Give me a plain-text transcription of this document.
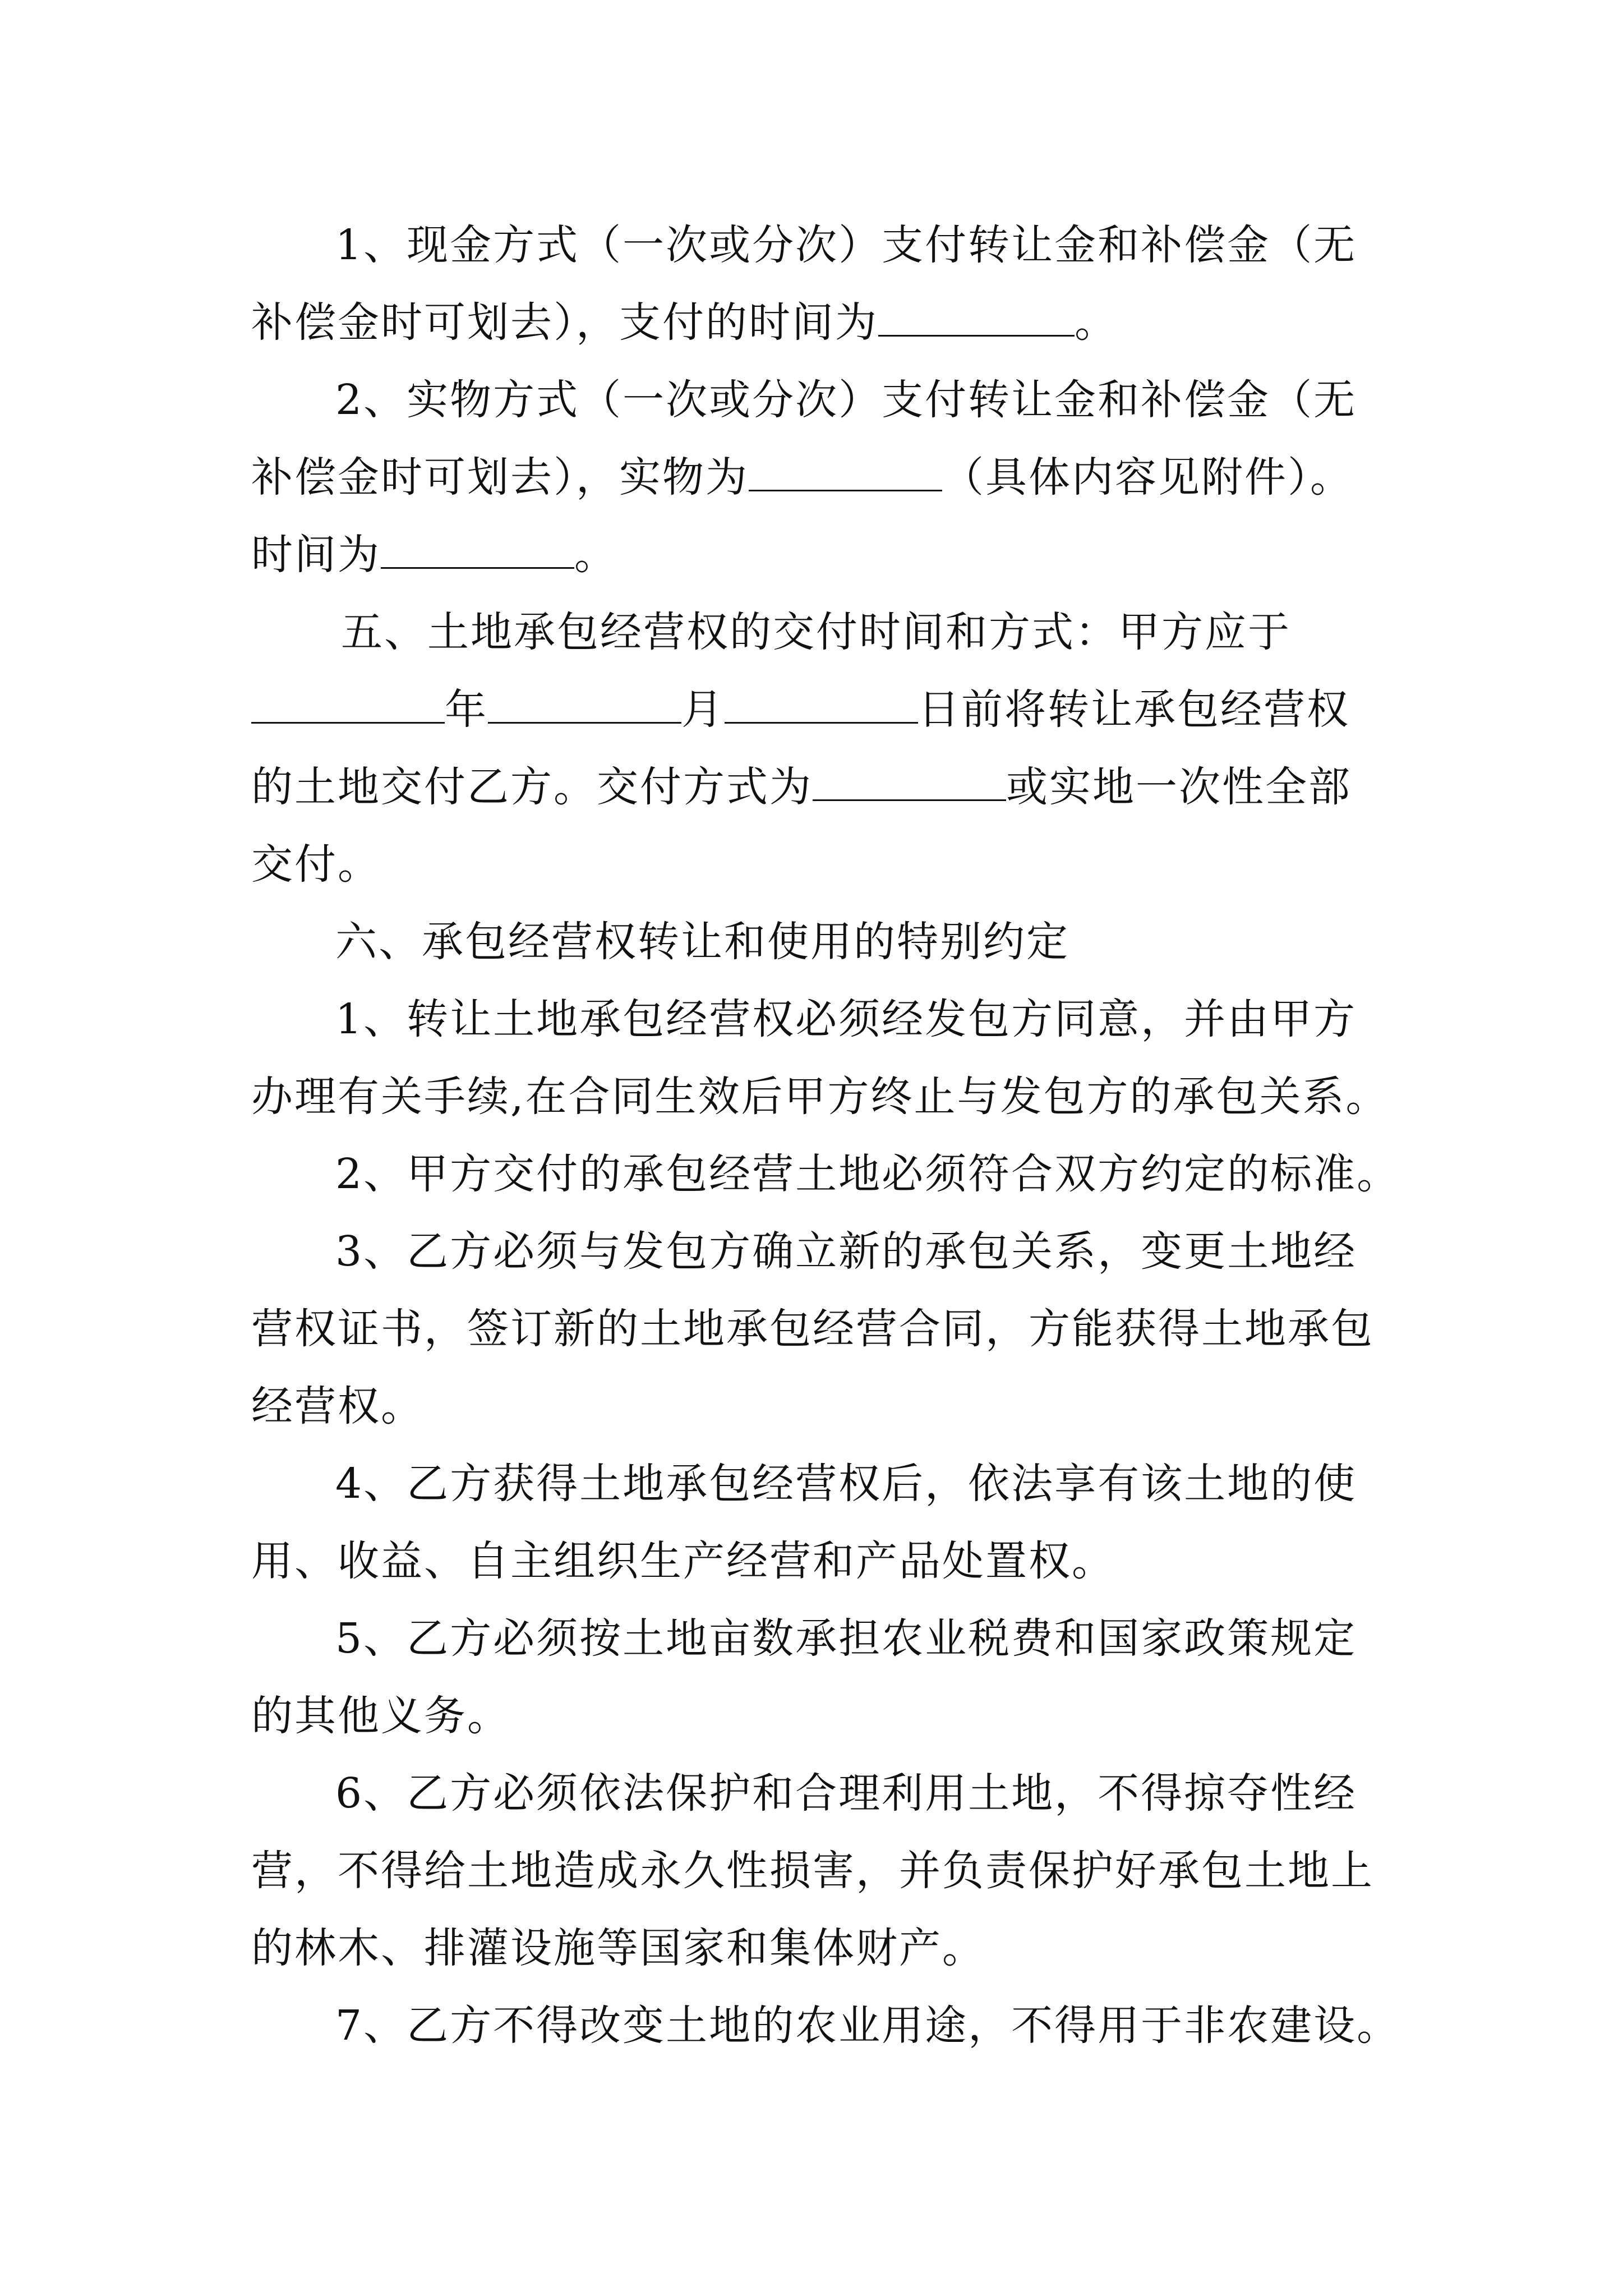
1、现金方式（一次或分次）支付转让金和补偿金（无
补偿金时可划去），支付的时间为	。
2、实物方式（一次或分次）支付转让金和补偿金（无
补偿金时可划去），实物为	（具体内容见附件）。
时间为	。
五、土地承包经营权的交付时间和方式：甲方应于
年	月	日前将转让承包经营权
的土地交付乙方。交付方式为	或实地一次性全部
交付。
六、承包经营权转让和使用的特别约定
1、转让土地承包经营权必须经发包方同意，并由甲方
办理有关手续,在合同生效后甲方终止与发包方的承包关系。
2、甲方交付的承包经营土地必须符合双方约定的标准。
3、乙方必须与发包方确立新的承包关系，变更土地经
营权证书，签订新的土地承包经营合同，方能获得土地承包
经营权。
4、乙方获得土地承包经营权后，依法享有该土地的使
用、收益、自主组织生产经营和产品处置权。
5、乙方必须按土地亩数承担农业税费和国家政策规定
的其他义务。
6、乙方必须依法保护和合理利用土地，不得掠夺性经
营，不得给土地造成永久性损害，并负责保护好承包土地上
的林木、排灌设施等国家和集体财产。
7、乙方不得改变土地的农业用途，不得用于非农建设。
